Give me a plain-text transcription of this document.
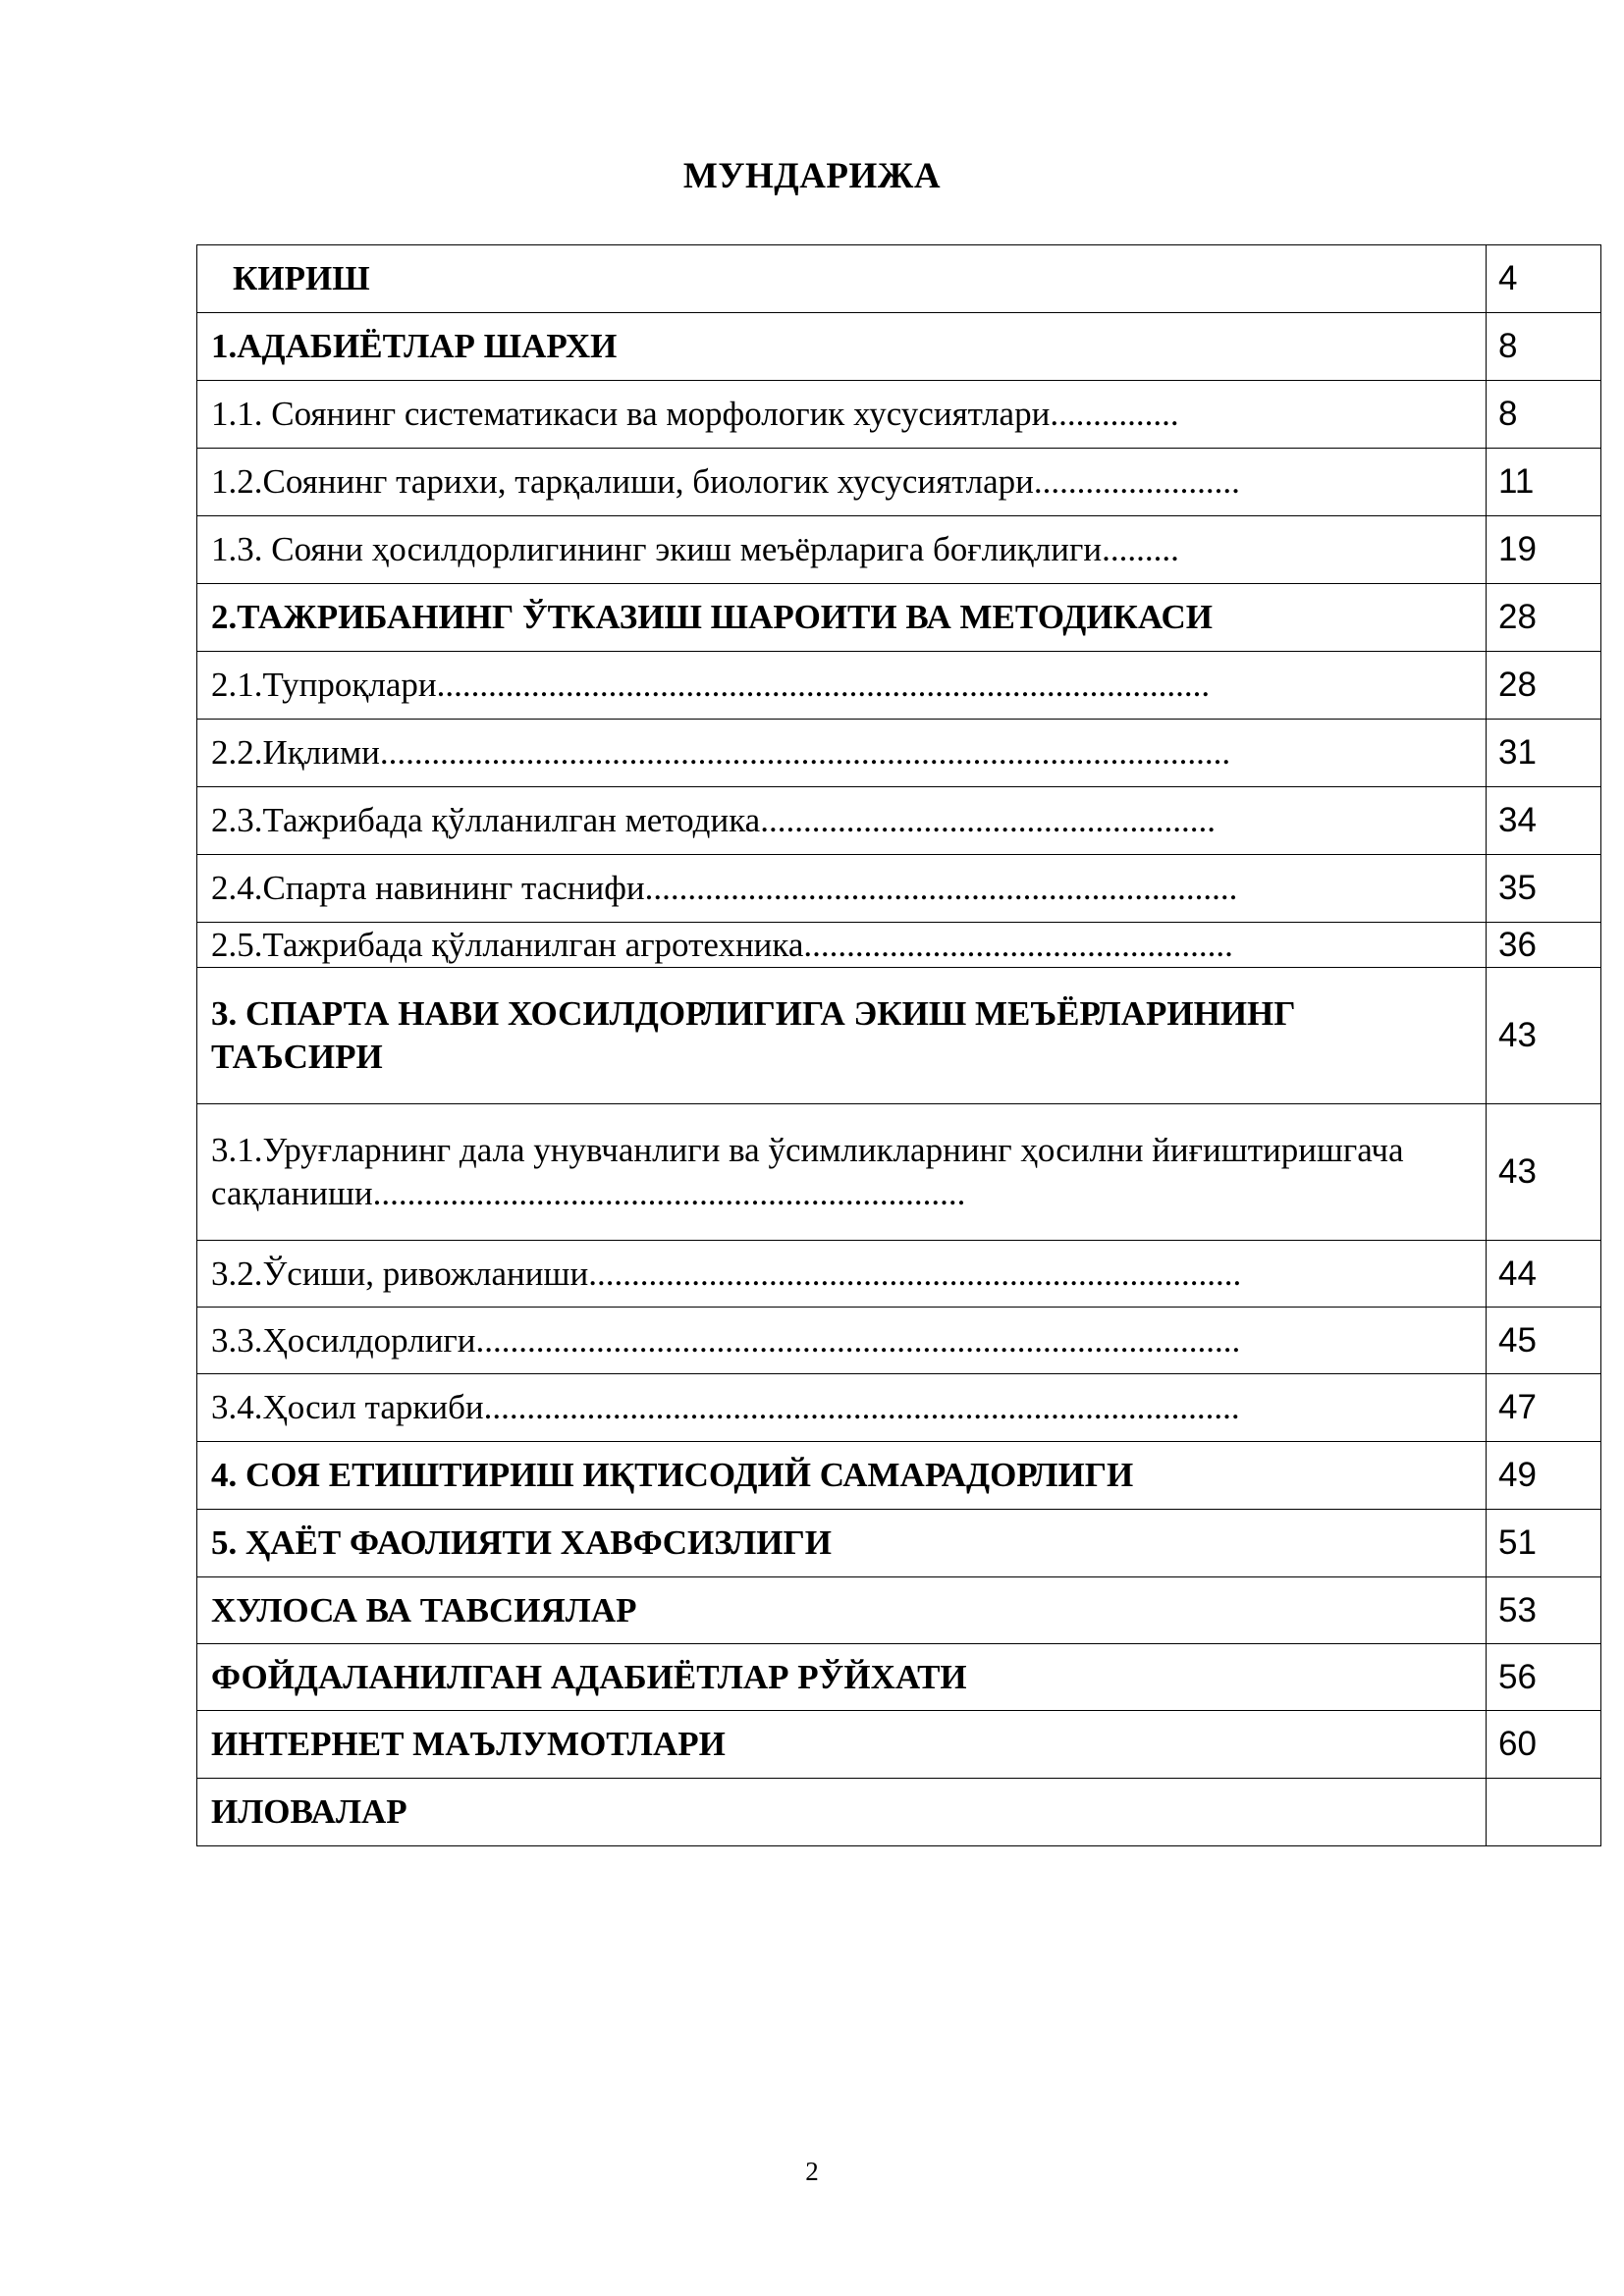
МУНДАРИЖА
КИРИШ	4
1.АДАБИЁТЛАР ШАРХИ	8
1.1. Соянинг систематикаси ва морфологик хусусиятлари...............	8
1.2.Соянинг тарихи, тарқалиши, биологик хусусиятлари........................	11
1.3. Сояни ҳосилдорлигининг экиш меъёрларига боғлиқлиги.........	19
2.ТАЖРИБАНИНГ ЎТКАЗИШ ШАРОИТИ ВА МЕТОДИКАСИ	28
2.1.Тупроқлари..........................................................................................	28
2.2.Иқлими...................................................................................................	31
2.3.Тажрибада қўлланилган методика.....................................................	34
2.4.Спарта навининг таснифи.....................................................................	35
2.5.Тажрибада қўлланилган агротехника..................................................	36
3. СПАРТА НАВИ ХОСИЛДОРЛИГИГА ЭКИШ МЕЪЁРЛАРИНИНГ ТАЪСИРИ	43
3.1.Уруғларнинг дала унувчанлиги ва ўсимликларнинг ҳосилни йиғиштиришгача сақланиши.....................................................................	43
3.2.Ўсиши, ривожланиши............................................................................	44
3.3.Ҳосилдорлиги.........................................................................................	45
3.4.Ҳосил таркиби........................................................................................	47
4. СОЯ ЕТИШТИРИШ ИҚТИСОДИЙ САМАРАДОРЛИГИ	49
5. ҲАЁТ ФАОЛИЯТИ ХАВФСИЗЛИГИ	51
ХУЛОСА ВА ТАВСИЯЛАР	53
ФОЙДАЛАНИЛГАН АДАБИЁТЛАР РЎЙХАТИ	56
ИНТЕРНЕТ МАЪЛУМОТЛАРИ	60
ИЛОВАЛАР	
2
